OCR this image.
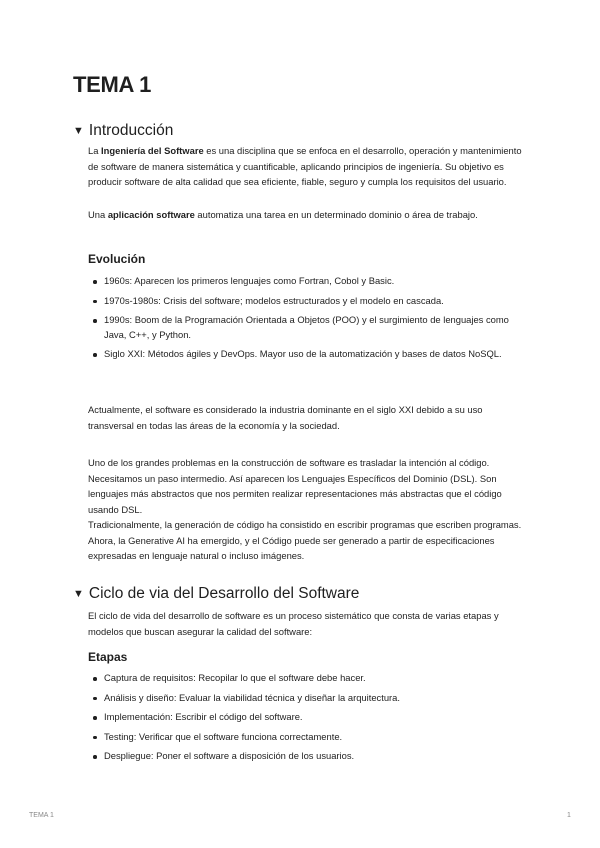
TEMA 1
▼ Introducción

La Ingeniería del Software es una disciplina que se enfoca en el desarrollo, operación y mantenimiento de software de manera sistemática y cuantificable, aplicando principios de ingeniería. Su objetivo es producir software de alta calidad que sea eficiente, fiable, seguro y cumpla los requisitos del usuario.

Una aplicación software automatiza una tarea en un determinado dominio o área de trabajo.

Evolución
1960s: Aparecen los primeros lenguajes como Fortran, Cobol y Basic.
1970s-1980s: Crisis del software; modelos estructurados y el modelo en cascada.
1990s: Boom de la Programación Orientada a Objetos (POO) y el surgimiento de lenguajes como Java, C++, y Python.
Siglo XXI: Métodos ágiles y DevOps. Mayor uso de la automatización y bases de datos NoSQL.

Actualmente, el software es considerado la industria dominante en el siglo XXI debido a su uso transversal en todas las áreas de la economía y la sociedad.

Uno de los grandes problemas en la construcción de software es trasladar la intención al código. Necesitamos un paso intermedio. Así aparecen los Lenguajes Específicos del Dominio (DSL). Son lenguajes más abstractos que nos permiten realizar representaciones más abstractas que el código usando DSL.

Tradicionalmente, la generación de código ha consistido en escribir programas que escriben programas. Ahora, la Generative AI ha emergido, y el Código puede ser generado a partir de especificaciones expresadas en lenguaje natural o incluso imágenes.

▼ Ciclo de via del Desarrollo del Software

El ciclo de vida del desarrollo de software es un proceso sistemático que consta de varias etapas y modelos que buscan asegurar la calidad del software:

Etapas
Captura de requisitos: Recopilar lo que el software debe hacer.
Análisis y diseño: Evaluar la viabilidad técnica y diseñar la arquitectura.
Implementación: Escribir el código del software.
Testing: Verificar que el software funciona correctamente.
Despliegue: Poner el software a disposición de los usuarios.
TEMA 1	1
